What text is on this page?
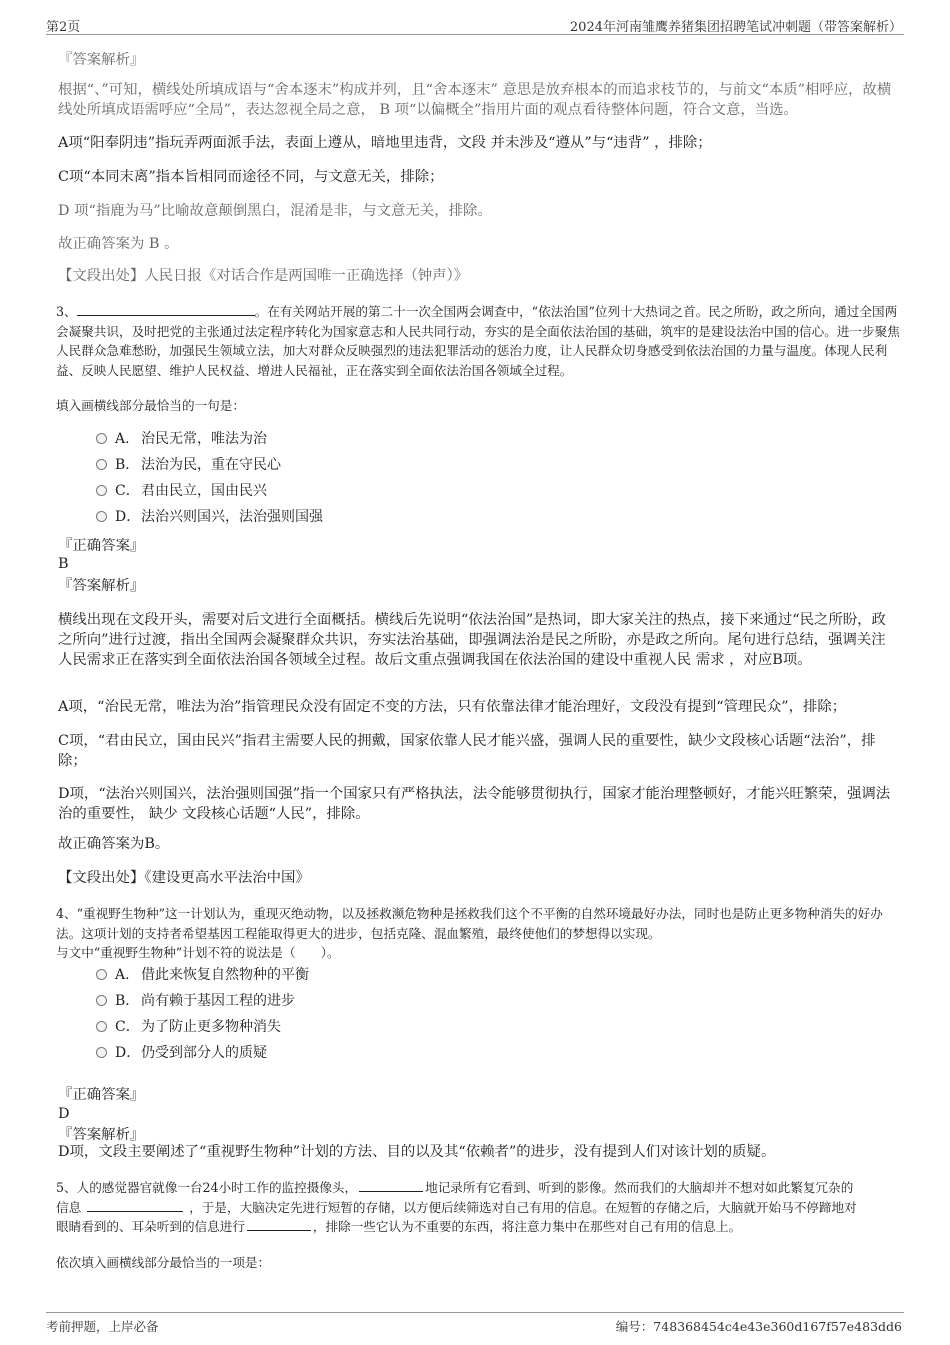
第2页	2024年河南雏鹰养猪集团招聘笔试冲刺题（带答案解析）
『答案解析』
根据“、”可知，横线处所填成语与“舍本逐末”构成并列，且“舍本逐末” 意思是放弃根本的而追求枝节的，与前文“本质”相呼应，故横线处所填成语需呼应“全局”，表达忽视全局之意， B 项“以偏概全”指用片面的观点看待整体问题，符合文意，当选。
A项“阳奉阴违”指玩弄两面派手法，表面上遵从，暗地里违背，文段 并未涉及“遵从”与“违背” ，排除；
C项“本同末离”指本旨相同而途径不同，与文意无关，排除；
D 项“指鹿为马”比喻故意颠倒黑白，混淆是非，与文意无关，排除。
故正确答案为 B 。
【文段出处】人民日报《对话合作是两国唯一正确选择（钟声）》
3、	。在有关网站开展的第二十一次全国两会调查中，“依法治国”位列十大热词之首。民之所盼，政之所向，通过全国两会凝聚共识，及时把党的主张通过法定程序转化为国家意志和人民共同行动，夯实的是全面依法治国的基础，筑牢的是建设法治中国的信心。进一步聚焦人民群众急难愁盼，加强民生领域立法，加大对群众反映强烈的违法犯罪活动的惩治力度，让人民群众切身感受到依法治国的力量与温度。体现人民利益、反映人民愿望、维护人民权益、增进人民福祉，正在落实到全面依法治国各领域全过程。
填入画横线部分最恰当的一句是：
A． 治民无常，唯法为治
B． 法治为民，重在守民心
C．君由民立，国由民兴
D．法治兴则国兴，法治强则国强
『正确答案』
B
『答案解析』
横线出现在文段开头，需要对后文进行全面概括。横线后先说明“依法治国”是热词，即大家关注的热点，接下来通过“民之所盼，政之所向”进行过渡，指出全国两会凝聚群众共识，夯实法治基础，即强调法治是民之所盼，亦是政之所向。尾句进行总结，强调关注人民需求正在落实到全面依法治国各领域全过程。故后文重点强调我国在依法治国的建设中重视人民 需求 ，对应B项。
A项，“治民无常，唯法为治”指管理民众没有固定不变的方法，只有依靠法律才能治理好，文段没有提到“管理民众”，排除；
C项，“君由民立，国由民兴”指君主需要人民的拥戴，国家依靠人民才能兴盛，强调人民的重要性，缺少文段核心话题“法治”，排除；
D项，“法治兴则国兴，法治强则国强”指一个国家只有严格执法，法令能够贯彻执行，国家才能治理整顿好，才能兴旺繁荣，强调法治的重要性， 缺少 文段核心话题“人民”，排除。
故正确答案为B。
【文段出处】《建设更高水平法治中国》
4、“重视野生物种”这一计划认为，重现灭绝动物，以及拯救濒危物种是拯救我们这个不平衡的自然环境最好办法，同时也是防止更多物种消失的好办法。这项计划的支持者希望基因工程能取得更大的进步，包括克隆、混血繁殖，最终使他们的梦想得以实现。
与文中“重视野生物种”计划不符的说法是（　　）。
A． 借此来恢复自然物种的平衡
B． 尚有赖于基因工程的进步
C．为了防止更多物种消失
D．仍受到部分人的质疑
『正确答案』
D
『答案解析』
D项，文段主要阐述了“重视野生物种”计划的方法、目的以及其“依赖者”的进步，没有提到人们对该计划的质疑。

5、人的感觉器官就像一台24小时工作的监控摄像头，	地记录所有它看到、听到的影像。然而我们的大脑却并不想对如此繁复冗杂的

信息	，于是，大脑决定先进行短暂的存储，以方便后续筛选对自己有用的信息。在短暂的存储之后，大脑就开始马不停蹄地对

眼睛看到的、耳朵听到的信息进行	，排除一些它认为不重要的东西，将注意力集中在那些对自己有用的信息上。

依次填入画横线部分最恰当的一项是：
考前押题，上岸必备	编号：748368454c4e43e360d167f57e483dd6
